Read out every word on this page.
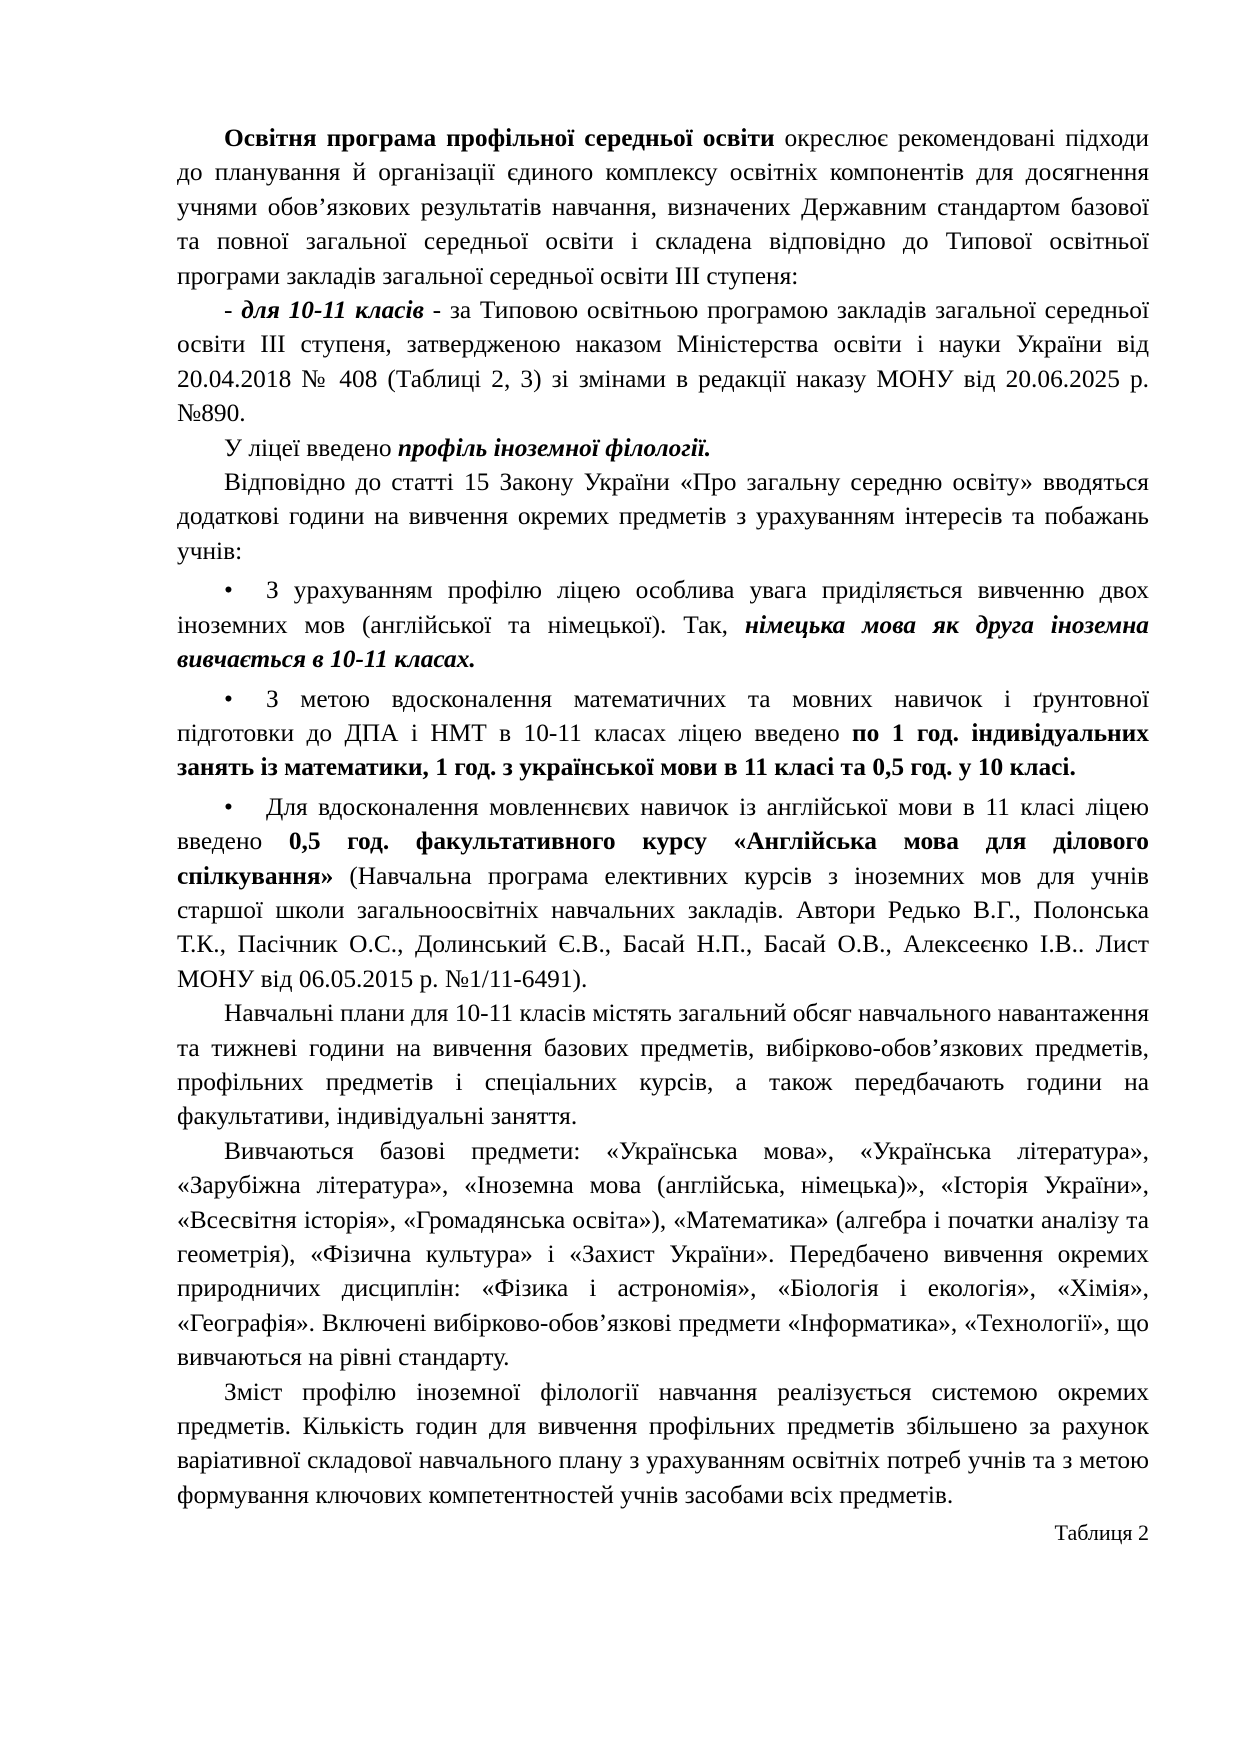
Освітня програма профільної середньої освіти окреслює рекомендовані підходи до планування й організації єдиного комплексу освітніх компонентів для досягнення учнями обов’язкових результатів навчання, визначених Державним стандартом базової та повної загальної середньої освіти і складена відповідно до Типової освітньої програми закладів загальної середньої освіти ІІІ ступеня:

- для 10-11 класів - за Типовою освітньою програмою закладів загальної середньої освіти ІІІ ступеня, затвердженою наказом Міністерства освіти і науки України від 20.04.2018 № 408 (Таблиці 2, 3) зі змінами в редакції наказу МОНУ від 20.06.2025 р. №890.

У ліцеї введено профіль іноземної філології.

Відповідно до статті 15 Закону України «Про загальну середню освіту» вводяться додаткові години на вивчення окремих предметів з урахуванням інтересів та побажань учнів:

• З урахуванням профілю ліцею особлива увага приділяється вивченню двох іноземних мов (англійської та німецької). Так, німецька мова як друга іноземна вивчається в 10-11 класах.

• З метою вдосконалення математичних та мовних навичок і ґрунтовної підготовки до ДПА і НМТ в 10-11 класах ліцею введено по 1 год. індивідуальних занять із математики, 1 год. з української мови в 11 класі та 0,5 год. у 10 класі.

• Для вдосконалення мовленнєвих навичок із англійської мови в 11 класі ліцею введено 0,5 год. факультативного курсу «Англійська мова для ділового спілкування» (Навчальна програма елективних курсів з іноземних мов для учнів старшої школи загальноосвітніх навчальних закладів. Автори Редько В.Г., Полонська Т.К., Пасічник О.С., Долинський Є.В., Басай Н.П., Басай О.В., Алексеєнко І.В.. Лист МОНУ від 06.05.2015 р. №1/11-6491).

Навчальні плани для 10-11 класів містять загальний обсяг навчального навантаження та тижневі години на вивчення базових предметів, вибірково-обов’язкових предметів, профільних предметів і спеціальних курсів, а також передбачають години на факультативи, індивідуальні заняття.

Вивчаються базові предмети: «Українська мова», «Українська література», «Зарубіжна література», «Іноземна мова (англійська, німецька)», «Історія України», «Всесвітня історія», «Громадянська освіта»), «Математика» (алгебра і початки аналізу та геометрія), «Фізична культура» і «Захист України». Передбачено вивчення окремих природничих дисциплін: «Фізика і астрономія», «Біологія і екологія», «Хімія», «Географія». Включені вибірково-обов’язкові предмети «Інформатика», «Технології», що вивчаються на рівні стандарту.

Зміст профілю іноземної філології навчання реалізується системою окремих предметів. Кількість годин для вивчення профільних предметів збільшено за рахунок варіативної складової навчального плану з урахуванням освітніх потреб учнів та з метою формування ключових компетентностей учнів засобами всіх предметів.

Таблиця 2
